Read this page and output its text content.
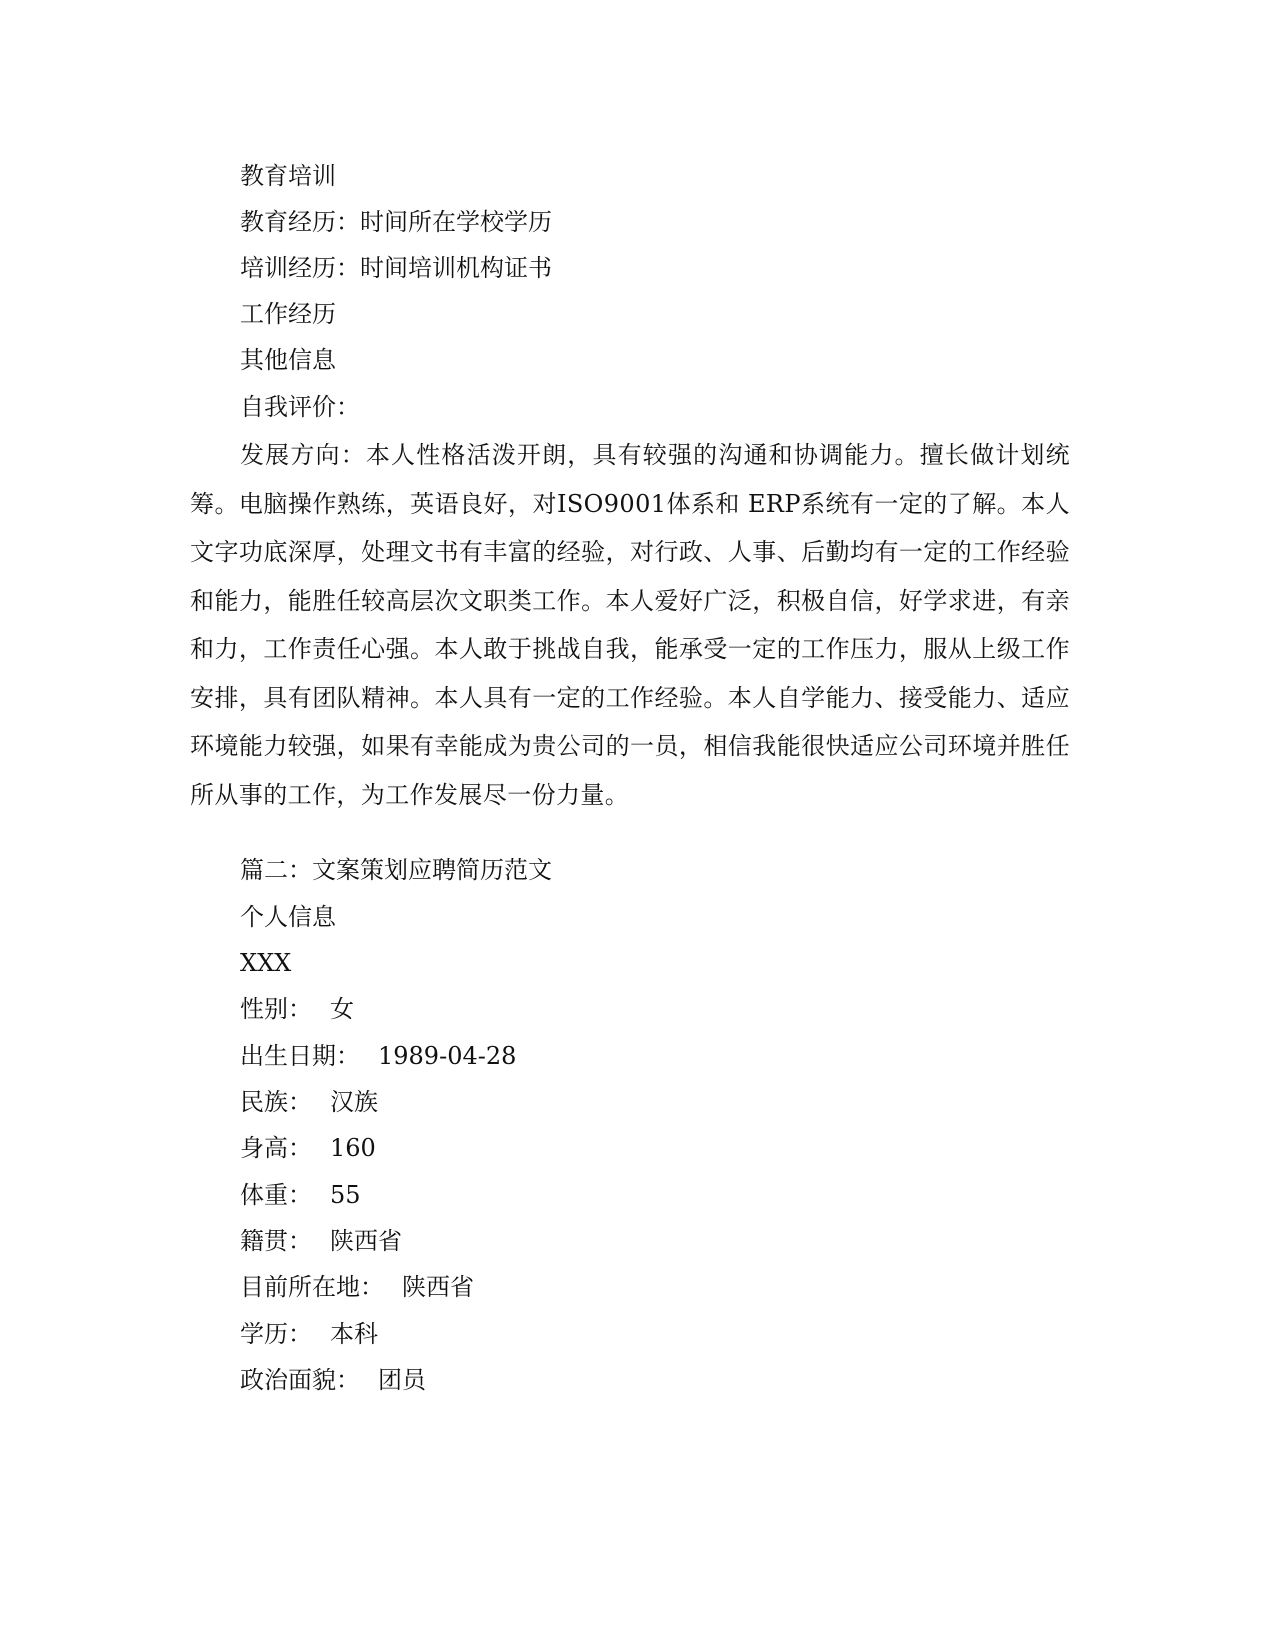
教育培训
教育经历：时间所在学校学历
培训经历：时间培训机构证书
工作经历
其他信息
自我评价：
发展方向：本人性格活泼开朗，具有较强的沟通和协调能力。擅长做计划统筹。电脑操作熟练，英语良好，对ISO9001体系和 ERP系统有一定的了解。本人文字功底深厚，处理文书有丰富的经验，对行政、人事、后勤均有一定的工作经验和能力，能胜任较高层次文职类工作。本人爱好广泛，积极自信，好学求进，有亲和力，工作责任心强。本人敢于挑战自我，能承受一定的工作压力，服从上级工作安排，具有团队精神。本人具有一定的工作经验。本人自学能力、接受能力、适应环境能力较强，如果有幸能成为贵公司的一员，相信我能很快适应公司环境并胜任所从事的工作，为工作发展尽一份力量。
篇二：文案策划应聘简历范文
个人信息
XXX
性别： 女
出生日期： 1989-04-28
民族： 汉族
身高： 160
体重： 55
籍贯： 陕西省
目前所在地： 陕西省
学历： 本科
政治面貌： 团员
